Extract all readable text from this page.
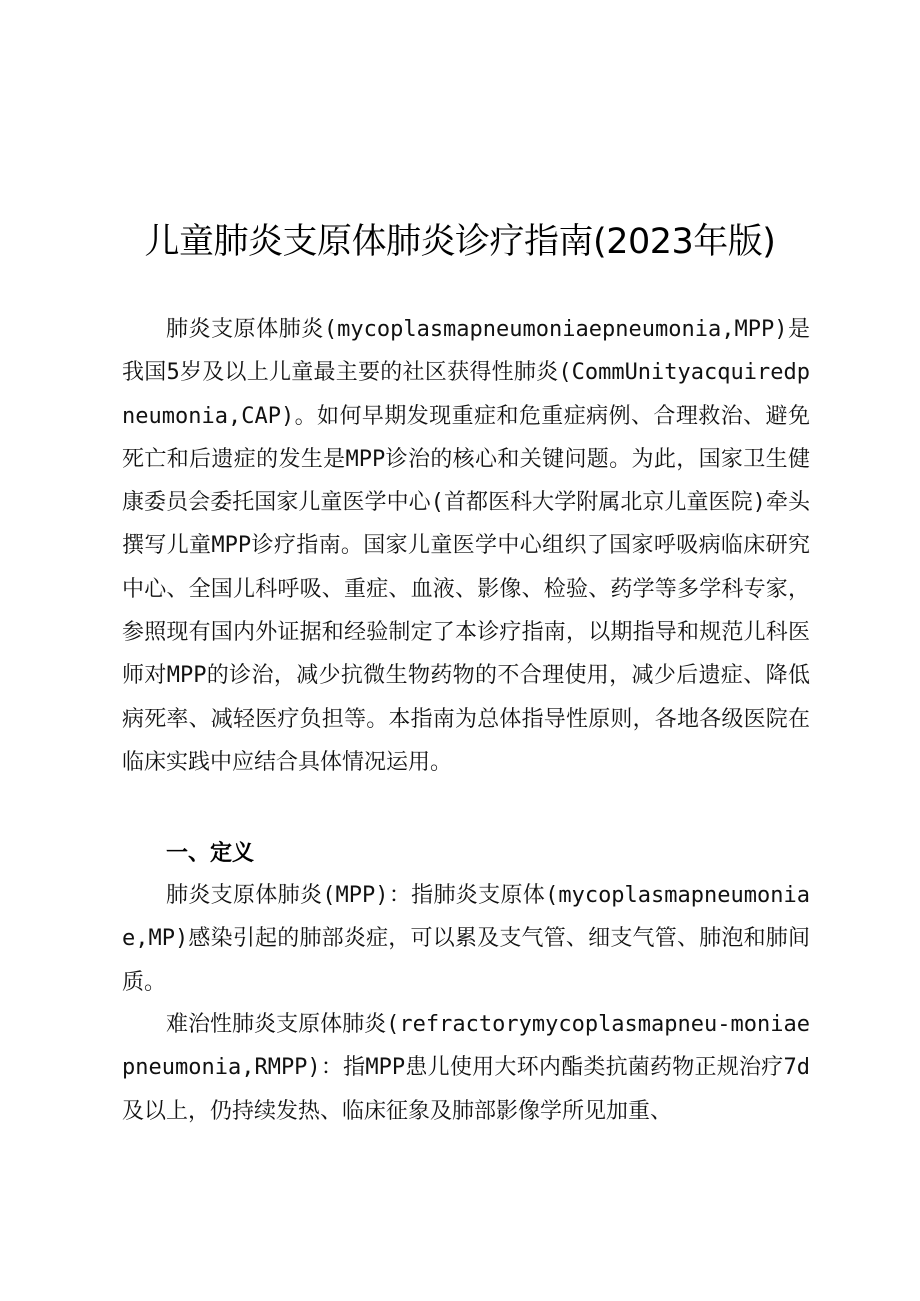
儿童肺炎支原体肺炎诊疗指南(2023年版)

肺炎支原体肺炎(mycoplasmapneumoniaepneumonia,MPP)是我国5岁及以上儿童最主要的社区获得性肺炎(CommUnityacquiredpneumonia,CAP)。如何早期发现重症和危重症病例、合理救治、避免死亡和后遗症的发生是MPP诊治的核心和关键问题。为此，国家卫生健康委员会委托国家儿童医学中心(首都医科大学附属北京儿童医院)牵头撰写儿童MPP诊疗指南。国家儿童医学中心组织了国家呼吸病临床研究中心、全国儿科呼吸、重症、血液、影像、检验、药学等多学科专家，参照现有国内外证据和经验制定了本诊疗指南，以期指导和规范儿科医师对MPP的诊治，减少抗微生物药物的不合理使用，减少后遗症、降低病死率、减轻医疗负担等。本指南为总体指导性原则，各地各级医院在临床实践中应结合具体情况运用。

一、定义

肺炎支原体肺炎(MPP)：指肺炎支原体(mycoplasmapneumoniae,MP)感染引起的肺部炎症，可以累及支气管、细支气管、肺泡和肺间质。

难治性肺炎支原体肺炎(refractorymycoplasmapneu-moniaepneumonia,RMPP)：指MPP患儿使用大环内酯类抗菌药物正规治疗7d及以上，仍持续发热、临床征象及肺部影像学所见加重、
